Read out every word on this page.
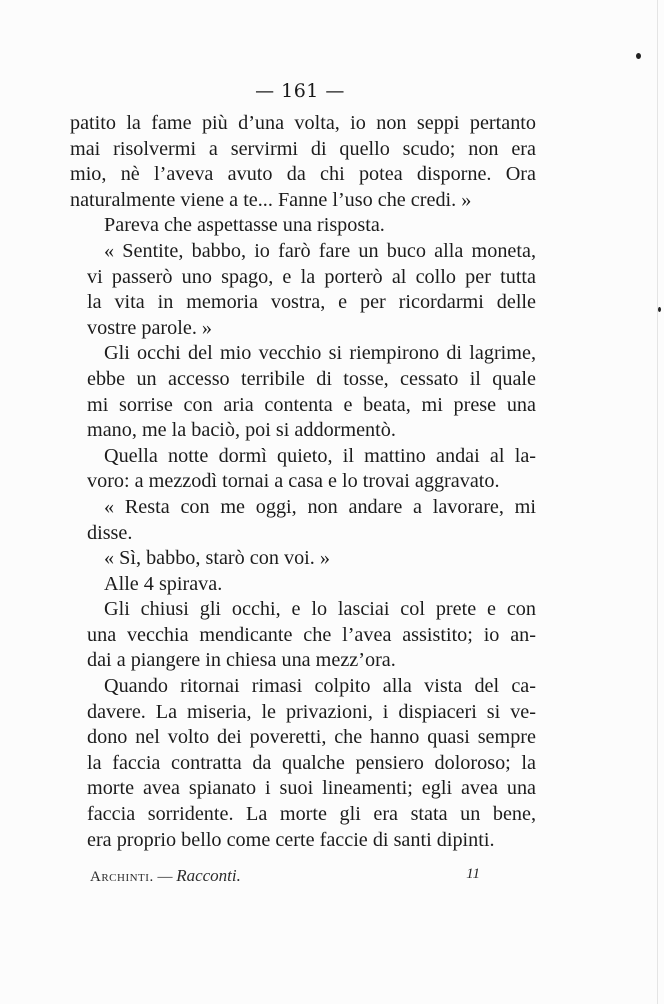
— 161 —
patito la fame più d’una volta, io non seppi pertanto
mai risolvermi a servirmi di quello scudo; non era
mio, nè l’aveva avuto da chi potea disporne. Ora
naturalmente viene a te... Fanne l’uso che credi. »
Pareva che aspettasse una risposta.
« Sentite, babbo, io farò fare un buco alla moneta,
vi passerò uno spago, e la porterò al collo per tutta
la vita in memoria vostra, e per ricordarmi delle
vostre parole. »
Gli occhi del mio vecchio si riempirono di lagrime,
ebbe un accesso terribile di tosse, cessato il quale
mi sorrise con aria contenta e beata, mi prese una
mano, me la baciò, poi si addormentò.
Quella notte dormì quieto, il mattino andai al la-
voro: a mezzodì tornai a casa e lo trovai aggravato.
« Resta con me oggi, non andare a lavorare, mi
disse.
« Sì, babbo, starò con voi. »
Alle 4 spirava.
Gli chiusi gli occhi, e lo lasciai col prete e con
una vecchia mendicante che l’avea assistito; io an-
dai a piangere in chiesa una mezz’ora.
Quando ritornai rimasi colpito alla vista del ca-
davere. La miseria, le privazioni, i dispiaceri si ve-
dono nel volto dei poveretti, che hanno quasi sempre
la faccia contratta da qualche pensiero doloroso; la
morte avea spianato i suoi lineamenti; egli avea una
faccia sorridente. La morte gli era stata un bene,
era proprio bello come certe faccie di santi dipinti.
Archinti. — Racconti.	11
